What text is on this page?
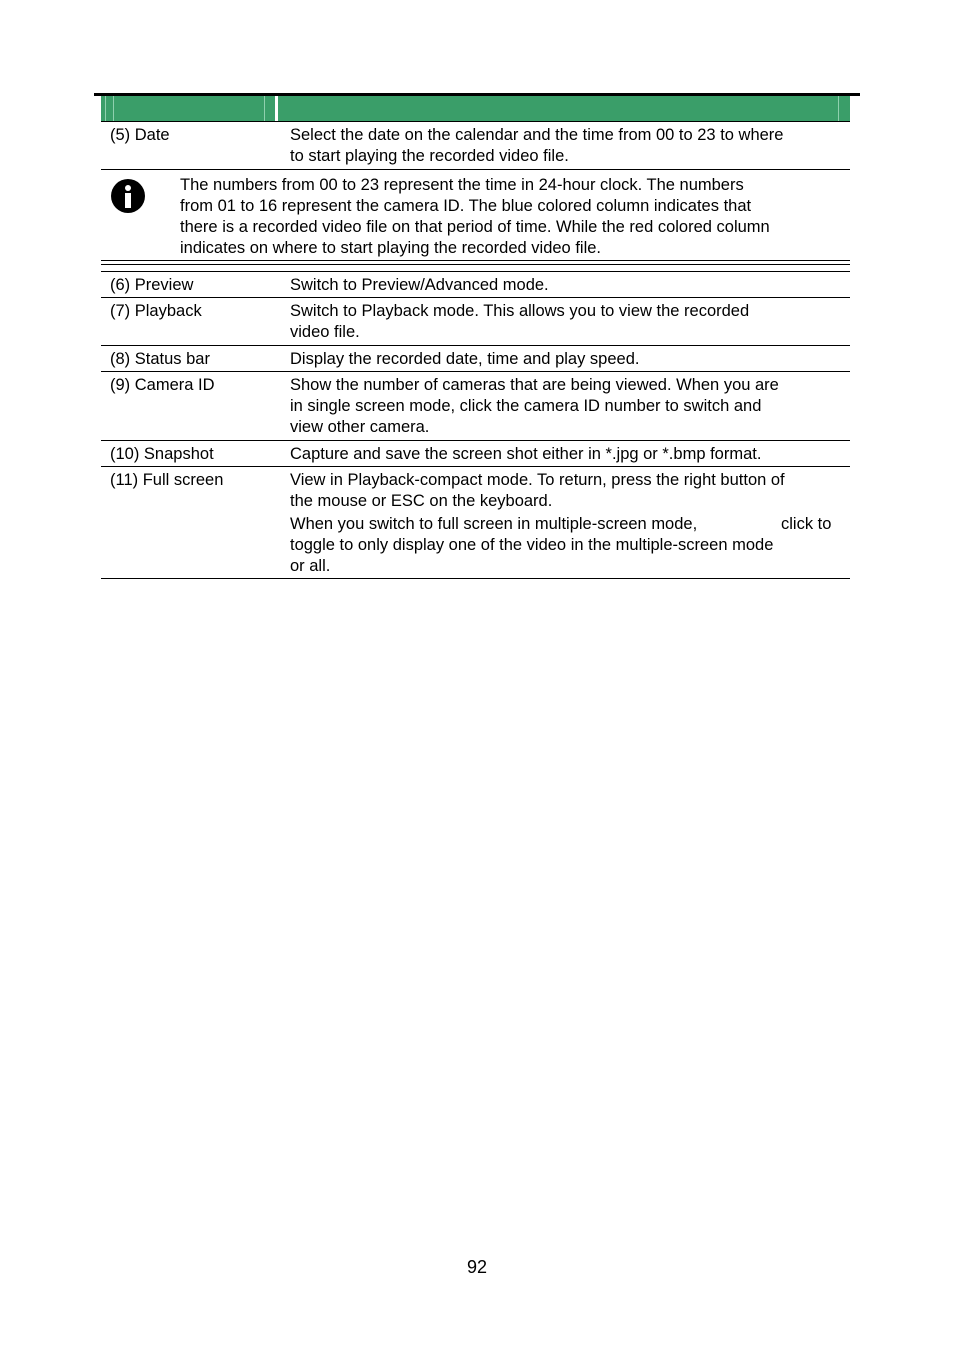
(5) Date	Select the date on the calendar and the time from 00 to 23 to where
to start playing the recorded video file.
The numbers from 00 to 23 represent the time in 24-hour clock. The numbers
from 01 to 16 represent the camera ID. The blue colored column indicates that
there is a recorded video file on that period of time. While the red colored column
indicates on where to start playing the recorded video file.
(6) Preview	Switch to Preview/Advanced mode.
(7) Playback	Switch to Playback mode. This allows you to view the recorded
video file.
(8) Status bar	Display the recorded date, time and play speed.
(9) Camera ID	Show the number of cameras that are being viewed. When you are
in single screen mode, click the camera ID number to switch and
view other camera.
(10) Snapshot	Capture and save the screen shot either in *.jpg or *.bmp format.
(11) Full screen	View in Playback-compact mode. To return, press the right button of
the mouse or ESC on the keyboard.
When you switch to full screen in multiple-screen mode,	click to
toggle to only display one of the video in the multiple-screen mode
or all.
92
